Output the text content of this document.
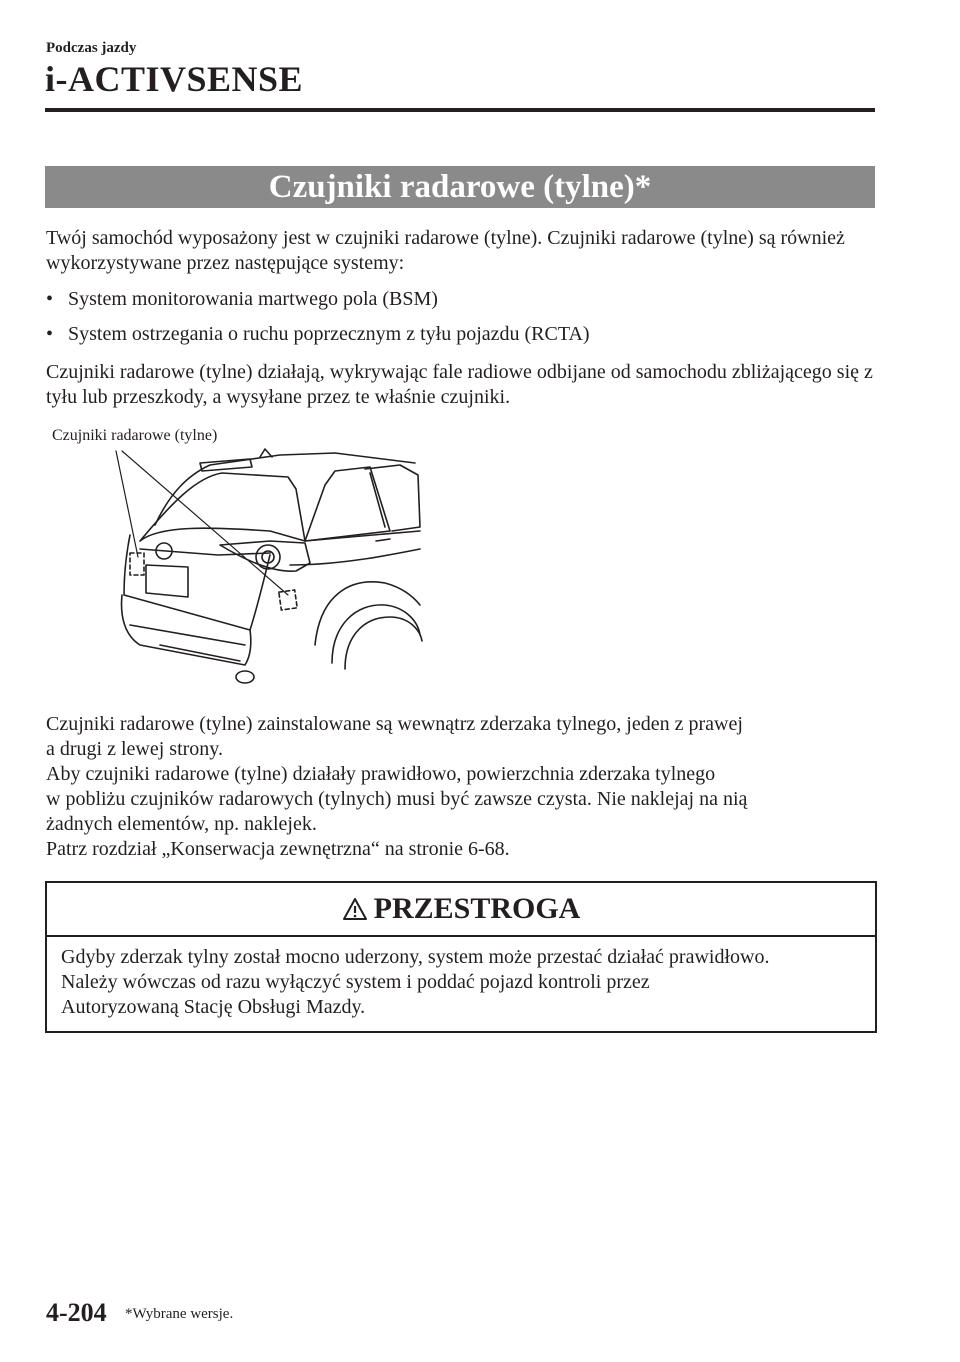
Podczas jazdy
i-ACTIVSENSE
Czujniki radarowe (tylne)*
Twój samochód wyposażony jest w czujniki radarowe (tylne). Czujniki radarowe (tylne) są również wykorzystywane przez następujące systemy:
• System monitorowania martwego pola (BSM)
• System ostrzegania o ruchu poprzecznym z tyłu pojazdu (RCTA)
Czujniki radarowe (tylne) działają, wykrywając fale radiowe odbijane od samochodu zbliżającego się z tyłu lub przeszkody, a wysyłane przez te właśnie czujniki.
Czujniki radarowe (tylne)
Czujniki radarowe (tylne) zainstalowane są wewnątrz zderzaka tylnego, jeden z prawej
a drugi z lewej strony.
Aby czujniki radarowe (tylne) działały prawidłowo, powierzchnia zderzaka tylnego
w pobliżu czujników radarowych (tylnych) musi być zawsze czysta. Nie naklejaj na nią
żadnych elementów, np. naklejek.
Patrz rozdział „Konserwacja zewnętrzna“ na stronie 6-68.
PRZESTROGA
Gdyby zderzak tylny został mocno uderzony, system może przestać działać prawidłowo.
Należy wówczas od razu wyłączyć system i poddać pojazd kontroli przez
Autoryzowaną Stację Obsługi Mazdy.
4-204 *Wybrane wersje.
